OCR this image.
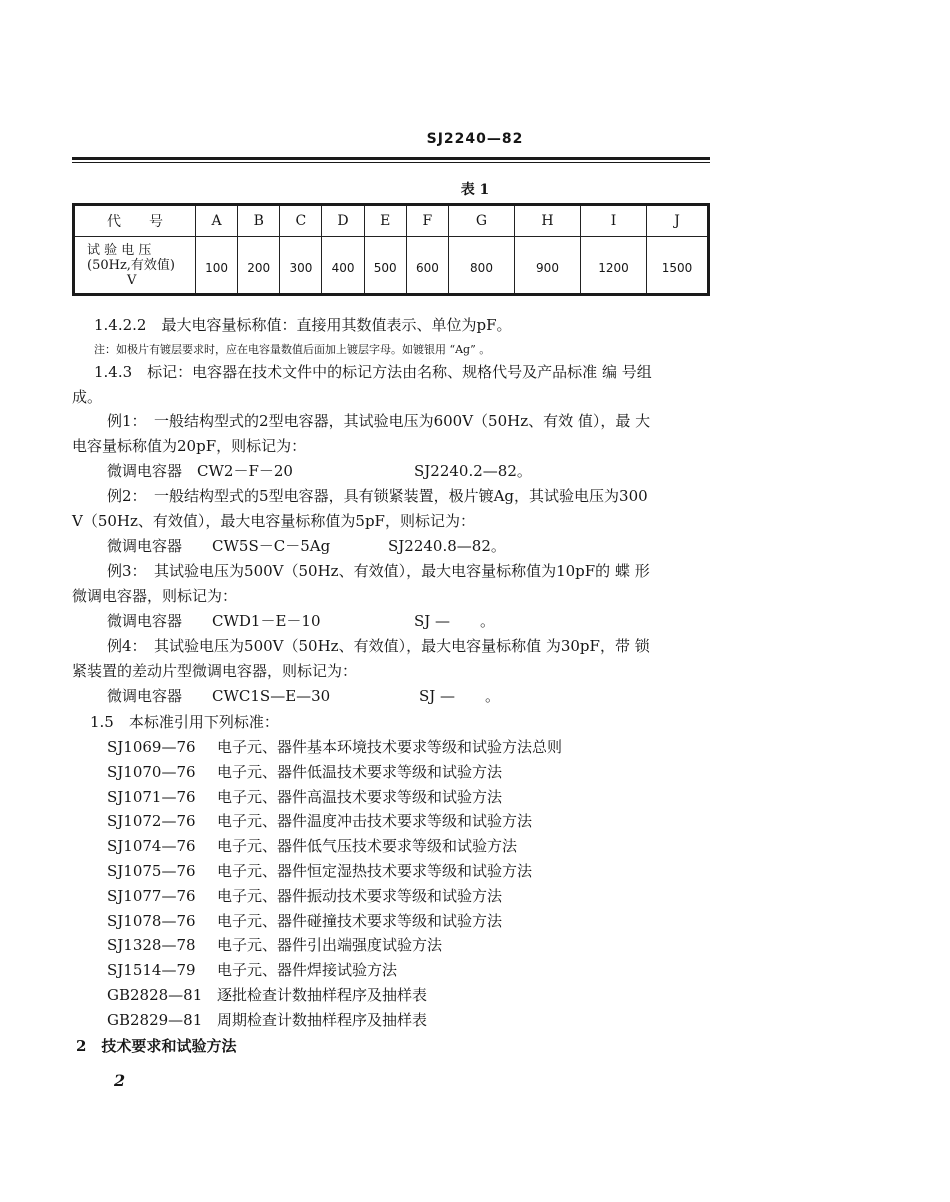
SJ2240—82
表 1
代　　号	A	B	C	D	E	F	G	H	I	J
试 验 电 压
(50Hz,有效值)
V	100	200	300	400	500	600	800	900	1200	1500
1.4.2.2　最大电容量标称值：直接用其数值表示、单位为pF。
注：如极片有镀层要求时，应在电容量数值后面加上镀层字母。如镀银用 “Ag” 。
1.4.3　标记：电容器在技术文件中的标记方法由名称、规格代号及产品标准 编 号组
成。
例1：　一般结构型式的2型电容器，其试验电压为600V（50Hz、有效 值），最 大
电容量标称值为20pF，则标记为：
微调电容器　CW2－F－20	SJ2240.2—82。
例2：　一般结构型式的5型电容器，具有锁紧装置，极片镀Ag，其试验电压为300
V（50Hz、有效值），最大电容量标称值为5pF，则标记为：
微调电容器　　CW5S－C－5Ag	SJ2240.8—82。
例3：　其试验电压为500V（50Hz、有效值），最大电容量标称值为10pF的 蝶 形
微调电容器，则标记为：
微调电容器　　CWD1－E－10	SJ —　　。
例4：　其试验电压为500V（50Hz、有效值），最大电容量标称值 为30pF，带 锁
紧装置的差动片型微调电容器，则标记为：
微调电容器　　CWC1S—E—30	SJ —　　。
1.5　本标准引用下列标准：
SJ1069—76 电子元、器件基本环境技术要求等级和试验方法总则
SJ1070—76 电子元、器件低温技术要求等级和试验方法
SJ1071—76 电子元、器件高温技术要求等级和试验方法
SJ1072—76 电子元、器件温度冲击技术要求等级和试验方法
SJ1074—76 电子元、器件低气压技术要求等级和试验方法
SJ1075—76 电子元、器件恒定湿热技术要求等级和试验方法
SJ1077—76 电子元、器件振动技术要求等级和试验方法
SJ1078—76 电子元、器件碰撞技术要求等级和试验方法
SJ1328—78 电子元、器件引出端强度试验方法
SJ1514—79 电子元、器件焊接试验方法
GB2828—81 逐批检查计数抽样程序及抽样表
GB2829—81 周期检查计数抽样程序及抽样表
2　技术要求和试验方法
2
